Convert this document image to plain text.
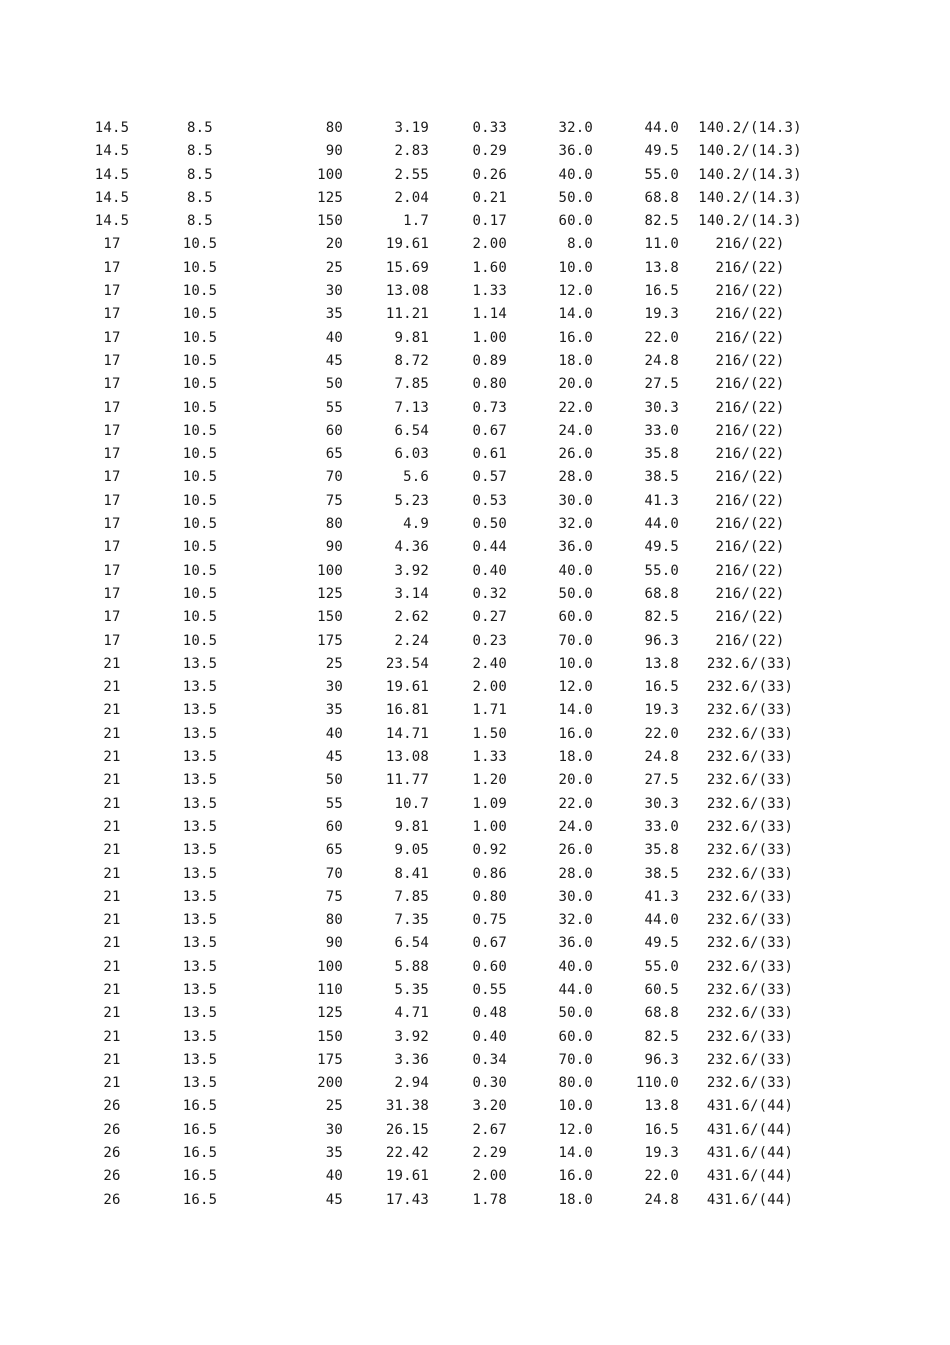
14.5	8.5	80	3.19	0.33	32.0	44.0	140.2/(14.3)
14.5	8.5	90	2.83	0.29	36.0	49.5	140.2/(14.3)
14.5	8.5	100	2.55	0.26	40.0	55.0	140.2/(14.3)
14.5	8.5	125	2.04	0.21	50.0	68.8	140.2/(14.3)
14.5	8.5	150	1.7	0.17	60.0	82.5	140.2/(14.3)
17	10.5	20	19.61	2.00	8.0	11.0	216/(22)
17	10.5	25	15.69	1.60	10.0	13.8	216/(22)
17	10.5	30	13.08	1.33	12.0	16.5	216/(22)
17	10.5	35	11.21	1.14	14.0	19.3	216/(22)
17	10.5	40	9.81	1.00	16.0	22.0	216/(22)
17	10.5	45	8.72	0.89	18.0	24.8	216/(22)
17	10.5	50	7.85	0.80	20.0	27.5	216/(22)
17	10.5	55	7.13	0.73	22.0	30.3	216/(22)
17	10.5	60	6.54	0.67	24.0	33.0	216/(22)
17	10.5	65	6.03	0.61	26.0	35.8	216/(22)
17	10.5	70	5.6	0.57	28.0	38.5	216/(22)
17	10.5	75	5.23	0.53	30.0	41.3	216/(22)
17	10.5	80	4.9	0.50	32.0	44.0	216/(22)
17	10.5	90	4.36	0.44	36.0	49.5	216/(22)
17	10.5	100	3.92	0.40	40.0	55.0	216/(22)
17	10.5	125	3.14	0.32	50.0	68.8	216/(22)
17	10.5	150	2.62	0.27	60.0	82.5	216/(22)
17	10.5	175	2.24	0.23	70.0	96.3	216/(22)
21	13.5	25	23.54	2.40	10.0	13.8	232.6/(33)
21	13.5	30	19.61	2.00	12.0	16.5	232.6/(33)
21	13.5	35	16.81	1.71	14.0	19.3	232.6/(33)
21	13.5	40	14.71	1.50	16.0	22.0	232.6/(33)
21	13.5	45	13.08	1.33	18.0	24.8	232.6/(33)
21	13.5	50	11.77	1.20	20.0	27.5	232.6/(33)
21	13.5	55	10.7	1.09	22.0	30.3	232.6/(33)
21	13.5	60	9.81	1.00	24.0	33.0	232.6/(33)
21	13.5	65	9.05	0.92	26.0	35.8	232.6/(33)
21	13.5	70	8.41	0.86	28.0	38.5	232.6/(33)
21	13.5	75	7.85	0.80	30.0	41.3	232.6/(33)
21	13.5	80	7.35	0.75	32.0	44.0	232.6/(33)
21	13.5	90	6.54	0.67	36.0	49.5	232.6/(33)
21	13.5	100	5.88	0.60	40.0	55.0	232.6/(33)
21	13.5	110	5.35	0.55	44.0	60.5	232.6/(33)
21	13.5	125	4.71	0.48	50.0	68.8	232.6/(33)
21	13.5	150	3.92	0.40	60.0	82.5	232.6/(33)
21	13.5	175	3.36	0.34	70.0	96.3	232.6/(33)
21	13.5	200	2.94	0.30	80.0	110.0	232.6/(33)
26	16.5	25	31.38	3.20	10.0	13.8	431.6/(44)
26	16.5	30	26.15	2.67	12.0	16.5	431.6/(44)
26	16.5	35	22.42	2.29	14.0	19.3	431.6/(44)
26	16.5	40	19.61	2.00	16.0	22.0	431.6/(44)
26	16.5	45	17.43	1.78	18.0	24.8	431.6/(44)
